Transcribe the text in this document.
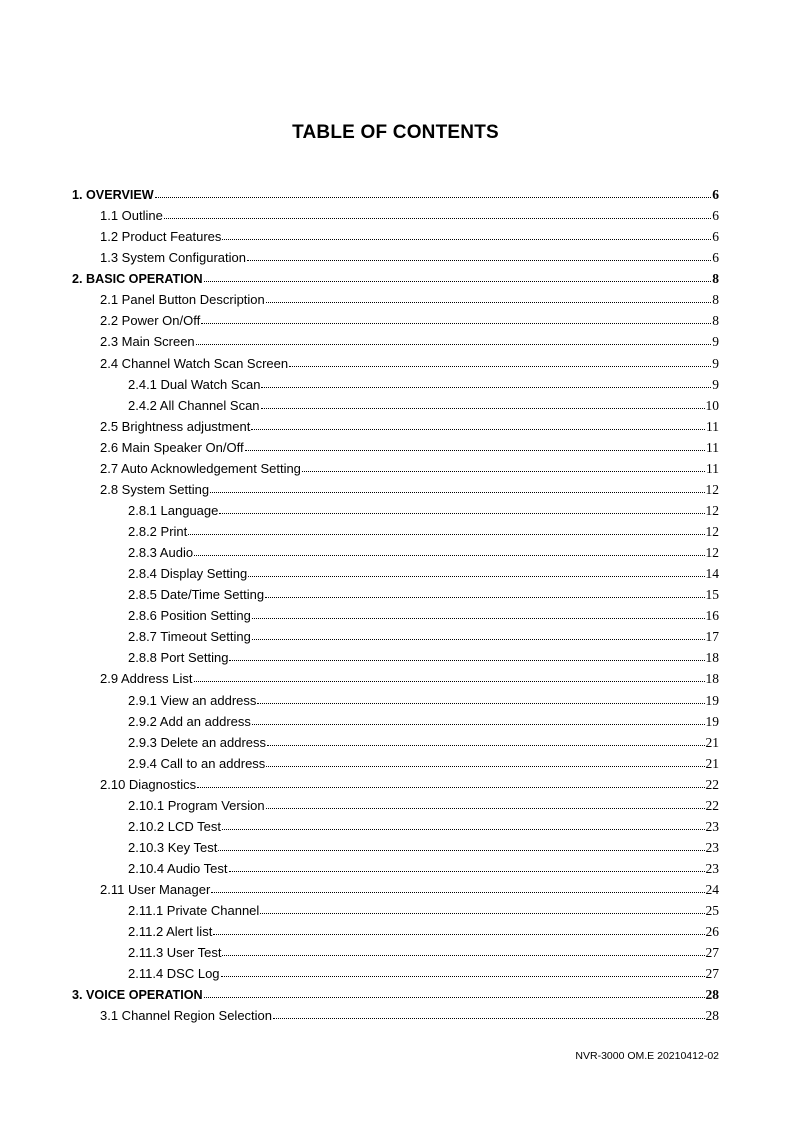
TABLE OF CONTENTS
1. OVERVIEW	6
1.1 Outline	6
1.2 Product Features	6
1.3 System Configuration	6
2. BASIC OPERATION	8
2.1 Panel Button Description	8
2.2 Power On/Off	8
2.3 Main Screen	9
2.4 Channel Watch Scan Screen	9
2.4.1 Dual Watch Scan	9
2.4.2 All Channel Scan	10
2.5 Brightness adjustment	11
2.6 Main Speaker On/Off	11
2.7 Auto Acknowledgement Setting	11
2.8 System Setting	12
2.8.1 Language	12
2.8.2 Print	12
2.8.3 Audio	12
2.8.4 Display Setting	14
2.8.5 Date/Time Setting	15
2.8.6 Position Setting	16
2.8.7 Timeout Setting	17
2.8.8 Port Setting	18
2.9 Address List	18
2.9.1 View an address	19
2.9.2 Add an address	19
2.9.3 Delete an address	21
2.9.4 Call to an address	21
2.10 Diagnostics	22
2.10.1 Program Version	22
2.10.2 LCD Test	23
2.10.3 Key Test	23
2.10.4 Audio Test	23
2.11 User Manager	24
2.11.1 Private Channel	25
2.11.2 Alert list	26
2.11.3 User Test	27
2.11.4 DSC Log	27
3. VOICE OPERATION	28
3.1 Channel Region Selection	28
NVR-3000 OM.E 20210412-02
